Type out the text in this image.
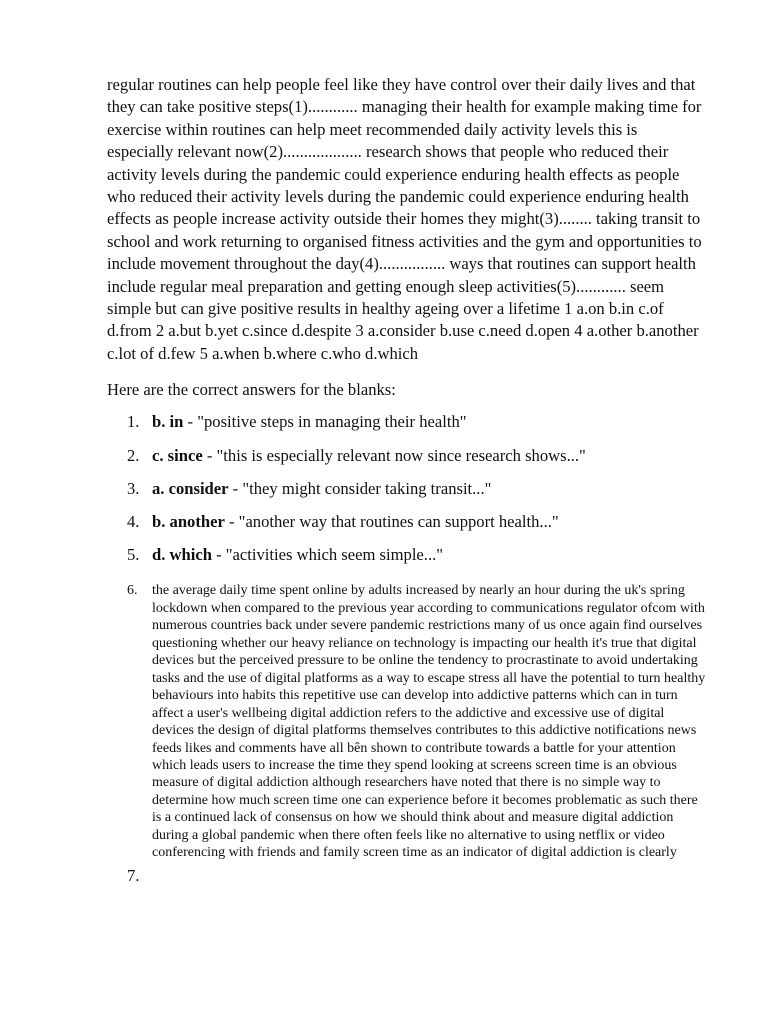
regular routines can help people feel like they have control over their daily lives and that they can take positive steps(1)............ managing their health for example making time for exercise within routines can help meet recommended daily activity levels this is especially relevant now(2)................... research shows that people who reduced their activity levels during the pandemic could experience enduring health effects as people who reduced their activity levels during the pandemic could experience enduring health effects as people increase activity outside their homes they might(3)........ taking transit to school and work returning to organised fitness activities and the gym and opportunities to include movement throughout the day(4)................ ways that routines can support health include regular meal preparation and getting enough sleep activities(5)............ seem simple but can give positive results in healthy ageing over a lifetime 1 a.on b.in c.of d.from 2 a.but b.yet c.since d.despite 3 a.consider b.use c.need d.open 4 a.other b.another c.lot of d.few 5 a.when b.where c.who d.which

Here are the correct answers for the blanks:

1. b. in - "positive steps in managing their health"
2. c. since - "this is especially relevant now since research shows..."
3. a. consider - "they might consider taking transit..."
4. b. another - "another way that routines can support health..."
5. d. which - "activities which seem simple..."
6. the average daily time spent online by adults increased by nearly an hour during the uk's spring lockdown when compared to the previous year according to communications regulator ofcom with numerous countries back under severe pandemic restrictions many of us once again find ourselves questioning whether our heavy reliance on technology is impacting our health it's true that digital devices but the perceived pressure to be online the tendency to procrastinate to avoid undertaking tasks and the use of digital platforms as a way to escape stress all have the potential to turn healthy behaviours into habits this repetitive use can develop into addictive patterns which can in turn affect a user's wellbeing digital addiction refers to the addictive and excessive use of digital devices the design of digital platforms themselves contributes to this addictive notifications news feeds likes and comments have all bên shown to contribute towards a battle for your attention which leads users to increase the time they spend looking at screens screen time is an obvious measure of digital addiction although researchers have noted that there is no simple way to determine how much screen time one can experience before it becomes problematic as such there is a continued lack of consensus on how we should think about and measure digital addiction during a global pandemic when there often feels like no alternative to using netflix or video conferencing with friends and family screen time as an indicator of digital addiction is clearly
7.
